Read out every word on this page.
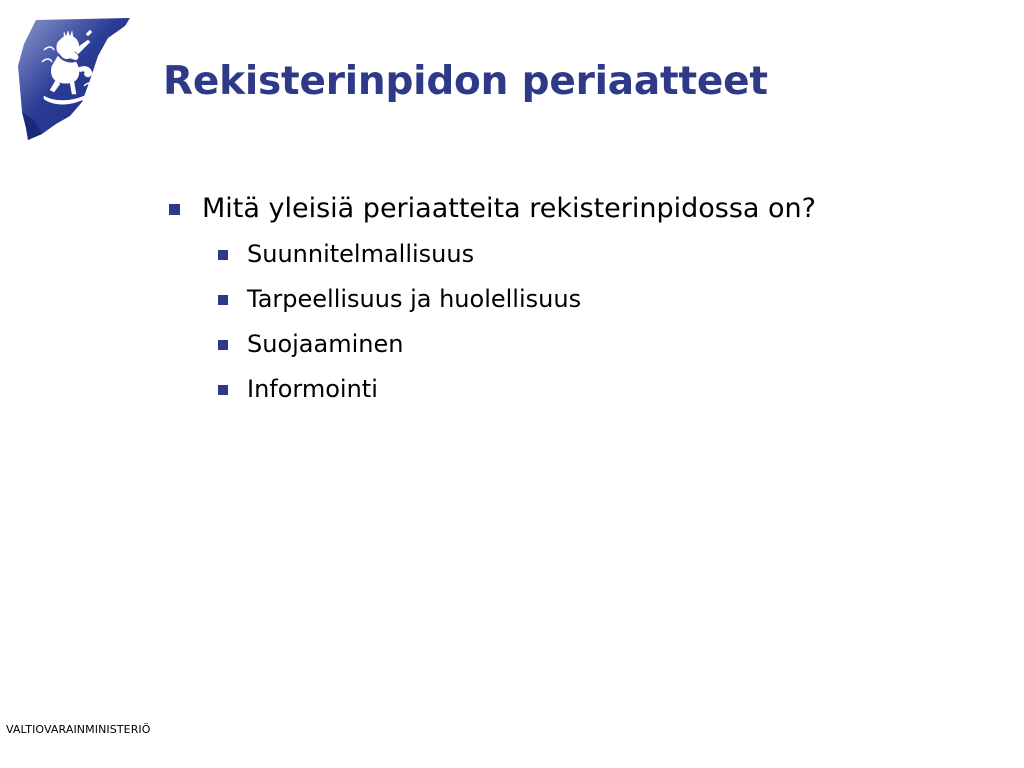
Rekisterinpidon periaatteet
Mitä yleisiä periaatteita rekisterinpidossa on?
Suunnitelmallisuus
Tarpeellisuus ja huolellisuus
Suojaaminen
Informointi
VALTIOVARAINMINISTERIÖ
